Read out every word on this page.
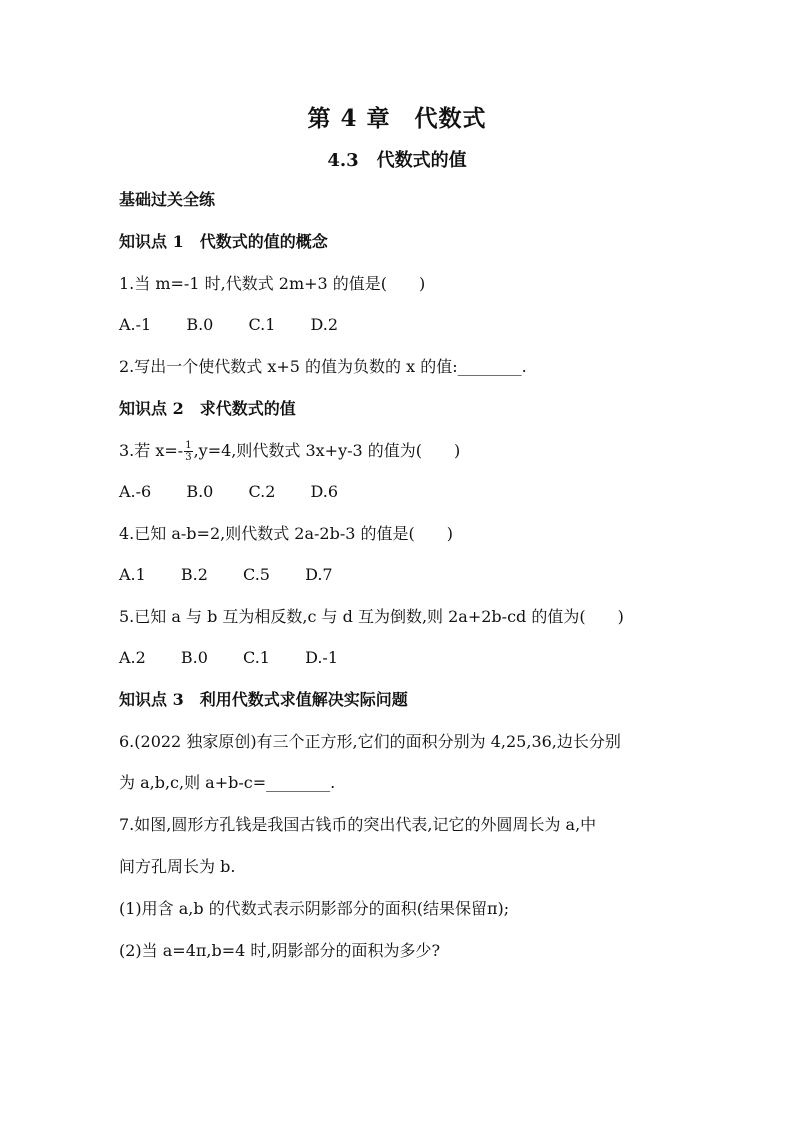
第 4 章　代数式
4.3　代数式的值
基础过关全练
知识点 1　代数式的值的概念
1.当 m=-1 时,代数式 2m+3 的值是(　　)
A.-1 B.0 C.1 D.2
2.写出一个使代数式 x+5 的值为负数的 x 的值:________.
知识点 2　求代数式的值
3.若 $x=- \frac{1}{3} ,y=4$,则代数式 3x+y-3 的值为(　　)
A.-6 B.0 C.2 D.6
4.已知 a-b=2,则代数式 2a-2b-3 的值是(　　)
A.1 B.2 C.5 D.7
5.已知 a 与 b 互为相反数,c 与 d 互为倒数,则 2a+2b-cd 的值为(　　)
A.2 B.0 C.1 D.-1
知识点 3　利用代数式求值解决实际问题
6.(2022 独家原创)有三个正方形,它们的面积分别为 4,25,36,边长分别
为 a,b,c,则 a+b-c=________.
7.如图,圆形方孔钱是我国古钱币的突出代表,记它的外圆周长为 a,中
间方孔周长为 b.
(1)用含 a,b 的代数式表示阴影部分的面积(结果保留π);
(2)当 a=4π,b=4 时,阴影部分的面积为多少?
